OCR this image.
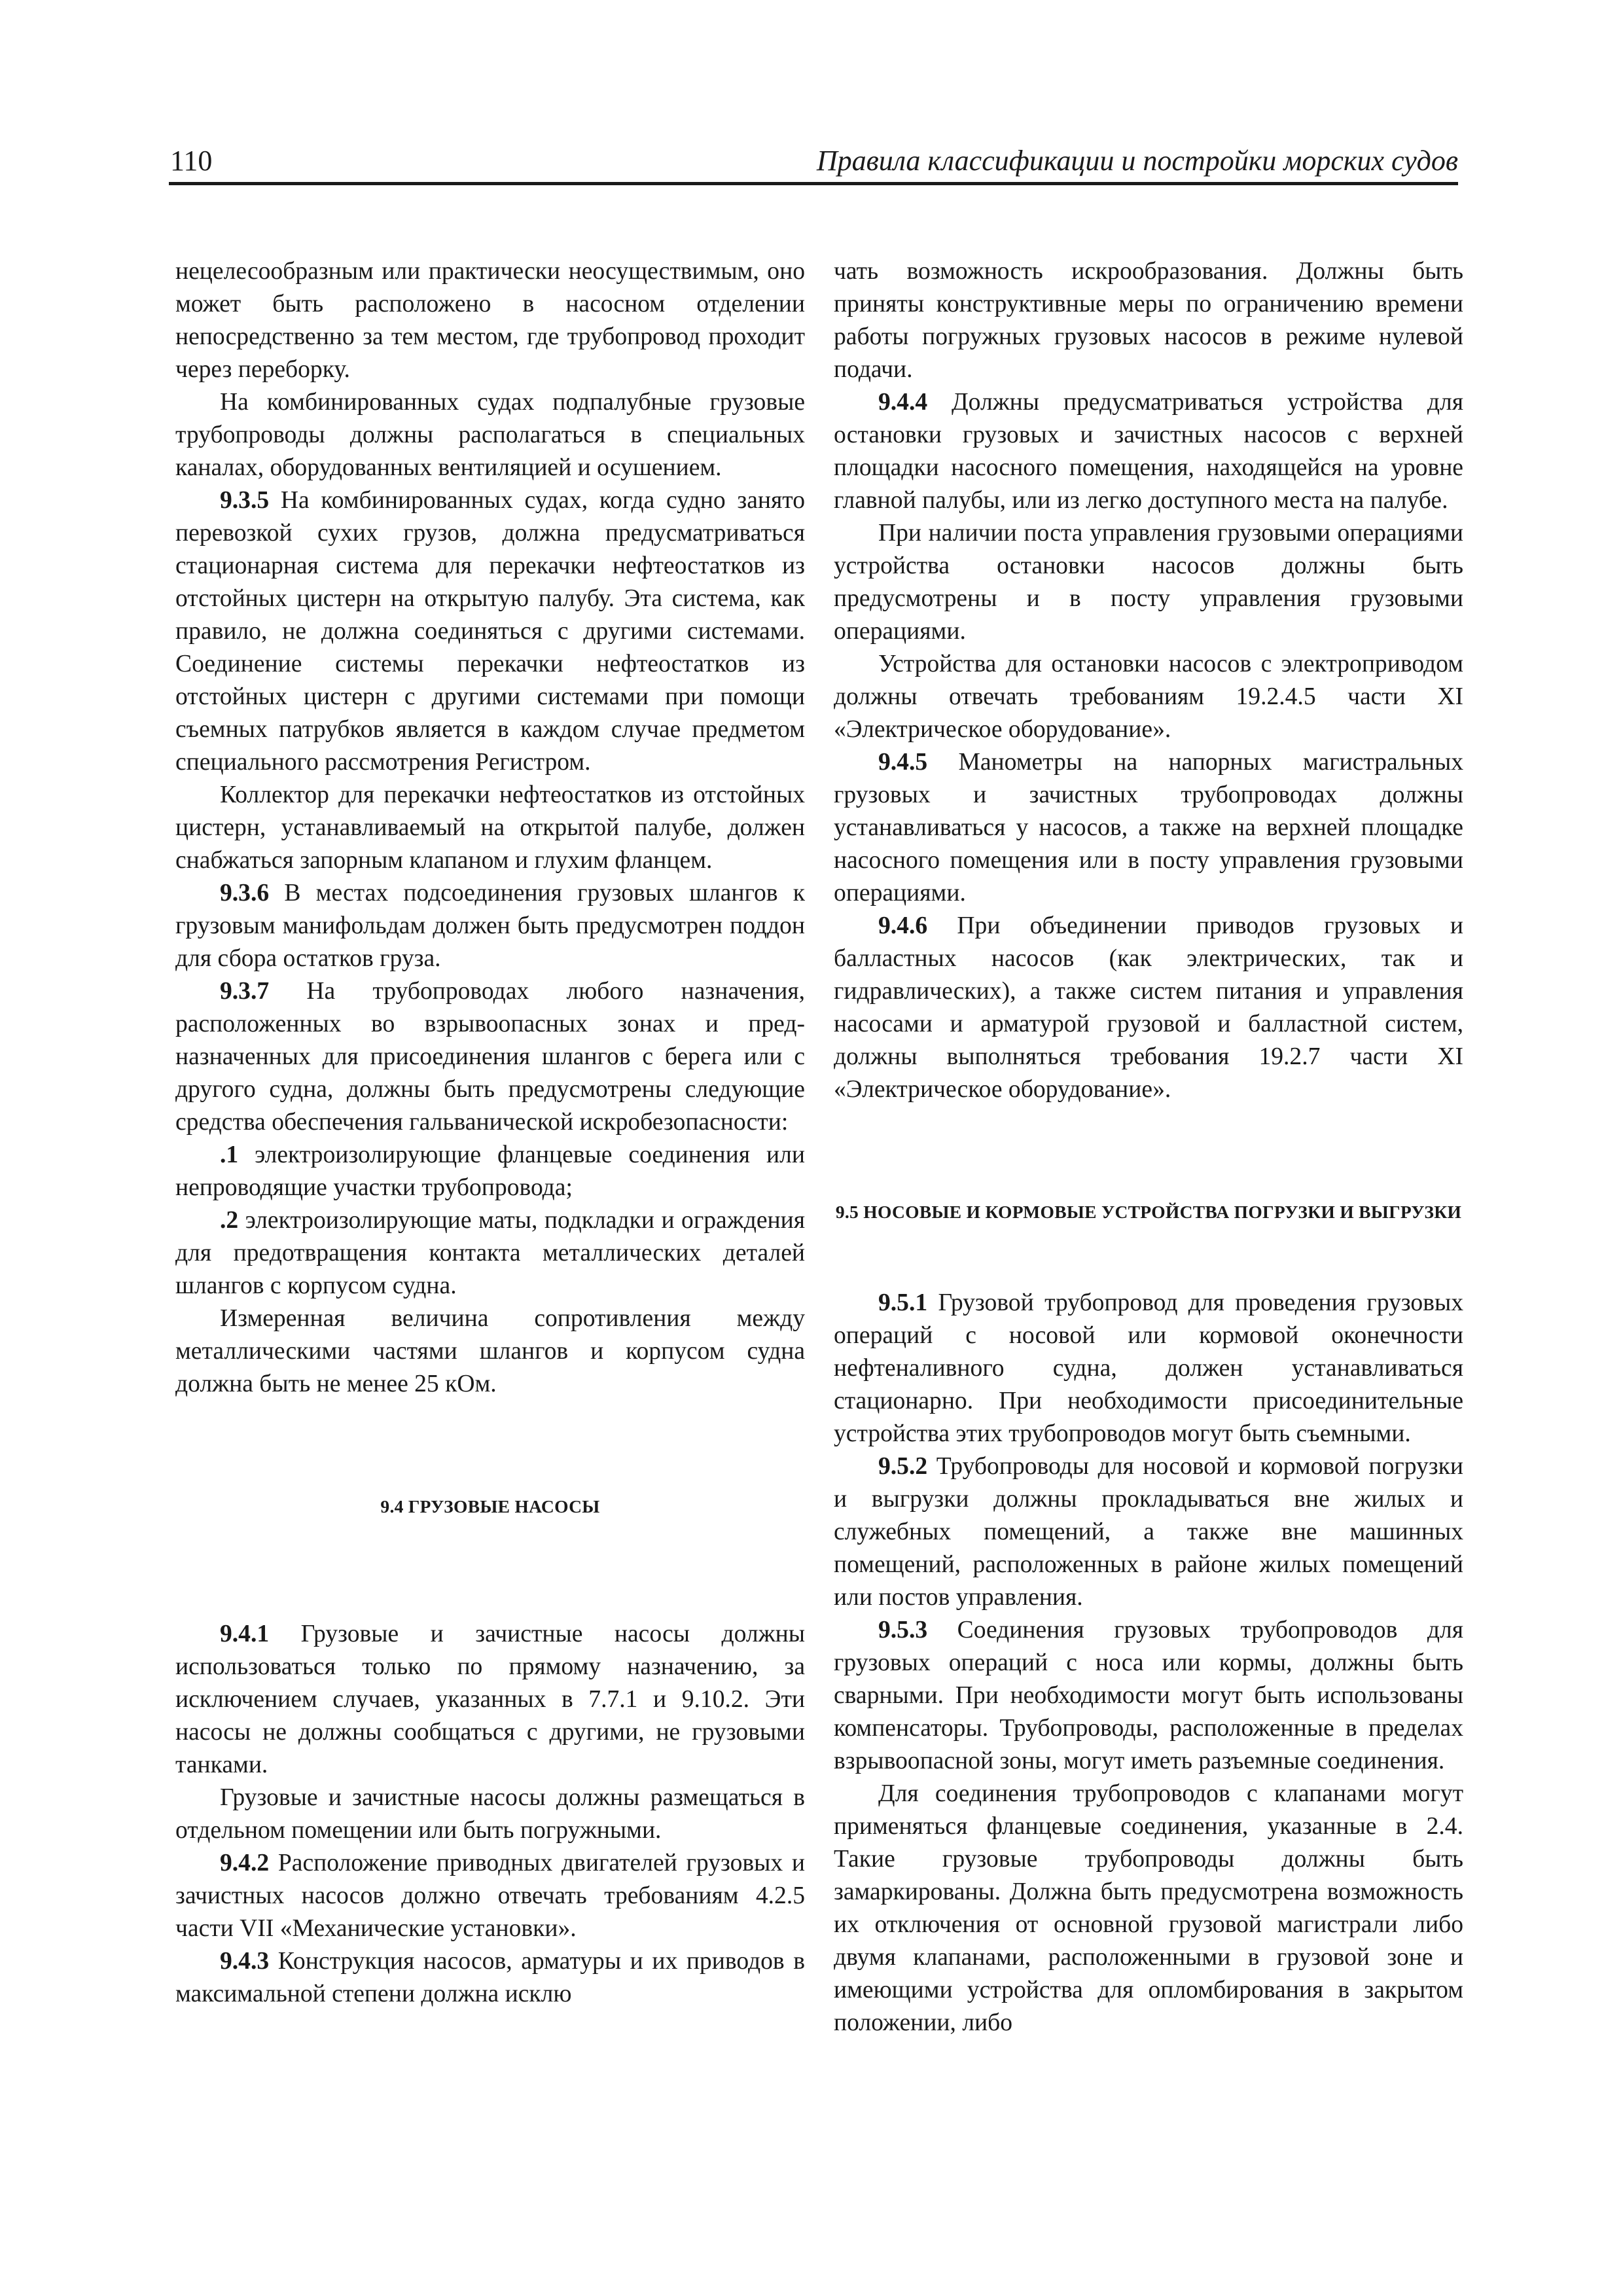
110	Правила классификации и постройки морских судов

нецелесообразным или практически неосуществимым, оно может быть расположено в насосном отделении непосредственно за тем местом, где трубопровод проходит через переборку.

На комбинированных судах подпалубные грузовые трубопроводы должны располагаться в специальных каналах, оборудованных вентиляцией и осушением.

9.3.5 На комбинированных судах, когда судно занято перевозкой сухих грузов, должна предусматриваться стационарная система для перекачки нефтеостатков из отстойных цистерн на открытую палубу. Эта система, как правило, не должна соединяться с другими системами. Соединение системы перекачки нефтеостатков из отстойных цистерн с другими системами при помощи съемных патрубков является в каждом случае предметом специального рассмотрения Регистром.

Коллектор для перекачки нефтеостатков из отстойных цистерн, устанавливаемый на открытой палубе, должен снабжаться запорным клапаном и глухим фланцем.

9.3.6 В местах подсоединения грузовых шлангов к грузовым манифольдам должен быть предусмотрен поддон для сбора остатков груза.

9.3.7 На трубопроводах любого назначения, расположенных во взрывоопасных зонах и предназначенных для присоединения шлангов с берега или с другого судна, должны быть предусмотрены следующие средства обеспечения гальванической искробезопасности:

.1 электроизолирующие фланцевые соединения или непроводящие участки трубопровода;

.2 электроизолирующие маты, подкладки и ограждения для предотвращения контакта металлических деталей шлангов с корпусом судна.

Измеренная величина сопротивления между металлическими частями шлангов и корпусом судна должна быть не менее 25 кОм.

9.4 ГРУЗОВЫЕ НАСОСЫ

9.4.1 Грузовые и зачистные насосы должны использоваться только по прямому назначению, за исключением случаев, указанных в 7.7.1 и 9.10.2. Эти насосы не должны сообщаться с другими, не грузовыми танками.

Грузовые и зачистные насосы должны размещаться в отдельном помещении или быть погружными.

9.4.2 Расположение приводных двигателей грузовых и зачистных насосов должно отвечать требованиям 4.2.5 части VII «Механические установки».

9.4.3 Конструкция насосов, арматуры и их приводов в максимальной степени должна исклю

чать возможность искрообразования. Должны быть приняты конструктивные меры по ограничению времени работы погружных грузовых насосов в режиме нулевой подачи.

9.4.4 Должны предусматриваться устройства для остановки грузовых и зачистных насосов с верхней площадки насосного помещения, находящейся на уровне главной палубы, или из легко доступного места на палубе.

При наличии поста управления грузовыми операциями устройства остановки насосов должны быть предусмотрены и в посту управления грузовыми операциями.

Устройства для остановки насосов с электроприводом должны отвечать требованиям 19.2.4.5 части XI «Электрическое оборудование».

9.4.5 Манометры на напорных магистральных грузовых и зачистных трубопроводах должны устанавливаться у насосов, а также на верхней площадке насосного помещения или в посту управления грузовыми операциями.

9.4.6 При объединении приводов грузовых и балластных насосов (как электрических, так и гидравлических), а также систем питания и управления насосами и арматурой грузовой и балластной систем, должны выполняться требования 19.2.7 части XI «Электрическое оборудование».

9.5 НОСОВЫЕ И КОРМОВЫЕ УСТРОЙСТВА ПОГРУЗКИ И ВЫГРУЗКИ

9.5.1 Грузовой трубопровод для проведения грузовых операций с носовой или кормовой оконечности нефтеналивного судна, должен устанавливаться стационарно. При необходимости присоединительные устройства этих трубопроводов могут быть съемными.

9.5.2 Трубопроводы для носовой и кормовой погрузки и выгрузки должны прокладываться вне жилых и служебных помещений, а также вне машинных помещений, расположенных в районе жилых помещений или постов управления.

9.5.3 Соединения грузовых трубопроводов для грузовых операций с носа или кормы, должны быть сварными. При необходимости могут быть использованы компенсаторы. Трубопроводы, расположенные в пределах взрывоопасной зоны, могут иметь разъемные соединения.

Для соединения трубопроводов с клапанами могут применяться фланцевые соединения, указанные в 2.4. Такие грузовые трубопроводы должны быть замаркированы. Должна быть предусмотрена возможность их отключения от основной грузовой магистрали либо двумя клапанами, расположенными в грузовой зоне и имеющими устройства для опломбирования в закрытом положении, либо
